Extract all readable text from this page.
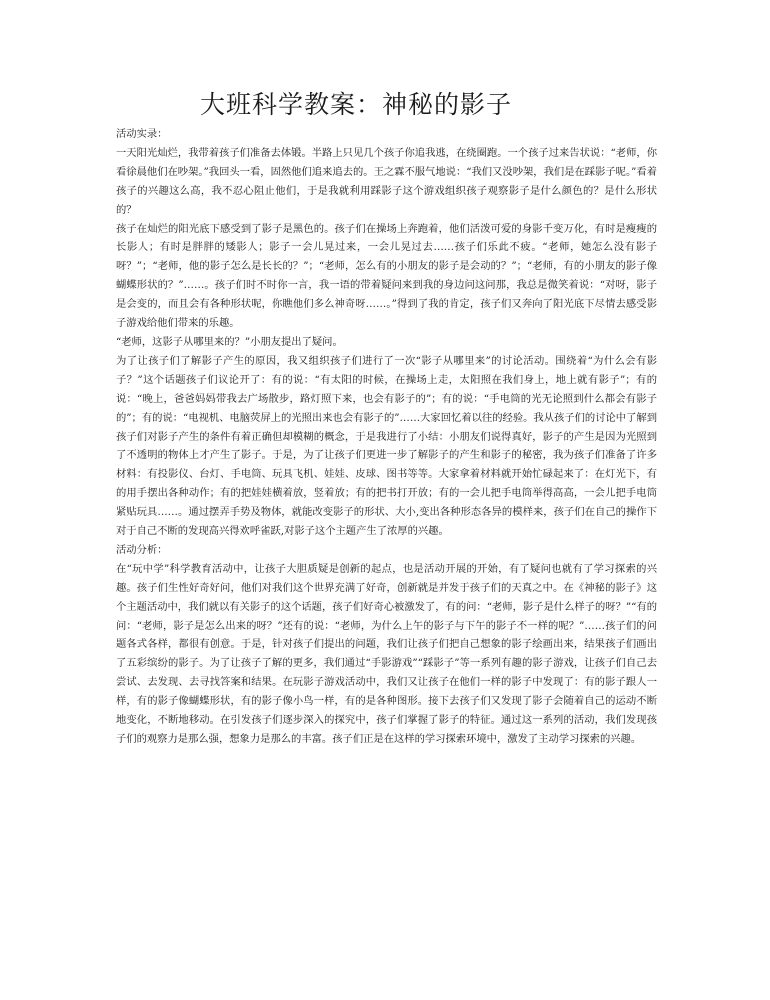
大班科学教案：神秘的影子

活动实录：

一天阳光灿烂，我带着孩子们准备去体锻。半路上只见几个孩子你追我逃，在绕圈跑。一个孩子过来告状说：“老师，你看徐晨他们在吵架。”我回头一看，固然他们追来追去的。王之霖不服气地说：“我们又没吵架，我们是在踩影子呢。”看着孩子的兴趣这么高，我不忍心阻止他们，于是我就利用踩影子这个游戏组织孩子观察影子是什么颜色的？是什么形状的？

孩子在灿烂的阳光底下感受到了影子是黑色的。孩子们在操场上奔跑着，他们活泼可爱的身影千变万化，有时是瘦瘦的长影人；有时是胖胖的矮影人；影子一会儿晃过来，一会儿晃过去……孩子们乐此不疲。“老师，她怎么没有影子呀？”；“老师，他的影子怎么是长长的？”；“老师，怎么有的小朋友的影子是会动的？”；“老师，有的小朋友的影子像蝴蝶形状的？”……。孩子们时不时你一言，我一语的带着疑问来到我的身边问这问那，我总是微笑着说：“对呀，影子是会变的，而且会有各种形状呢，你瞧他们多么神奇呀……。”得到了我的肯定，孩子们又奔向了阳光底下尽情去感受影子游戏给他们带来的乐趣。

“老师，这影子从哪里来的？”小朋友提出了疑问。

为了让孩子们了解影子产生的原因，我又组织孩子们进行了一次“影子从哪里来”的讨论活动。围绕着“为什么会有影子？”这个话题孩子们议论开了：有的说：“有太阳的时候，在操场上走，太阳照在我们身上，地上就有影子”；有的说：“晚上，爸爸妈妈带我去广场散步，路灯照下来，也会有影子的”；有的说：“手电筒的光无论照到什么都会有影子的”；有的说：“电视机、电脑荧屏上的光照出来也会有影子的”……大家回忆着以往的经验。我从孩子们的讨论中了解到孩子们对影子产生的条件有着正确但却模糊的概念，于是我进行了小结：小朋友们说得真好，影子的产生是因为光照到了不透明的物体上才产生了影子。于是，为了让孩子们更进一步了解影子的产生和影子的秘密，我为孩子们准备了许多材料：有投影仪、台灯、手电筒、玩具飞机、娃娃、皮球、图书等等。大家拿着材料就开始忙碌起来了：在灯光下，有的用手摆出各种动作；有的把娃娃横着放，竖着放；有的把书打开放；有的一会儿把手电筒举得高高，一会儿把手电筒紧贴玩具……。通过摆弄手势及物体，就能改变影子的形状、大小,变出各种形态各异的模样来，孩子们在自己的操作下对于自己不断的发现高兴得欢呼雀跃,对影子这个主题产生了浓厚的兴趣。

活动分析：

在“玩中学”科学教育活动中，让孩子大胆质疑是创新的起点，也是活动开展的开始，有了疑问也就有了学习探索的兴趣。孩子们生性好奇好问，他们对我们这个世界充满了好奇，创新就是并发于孩子们的天真之中。在《神秘的影子》这个主题活动中，我们就以有关影子的这个话题，孩子们好奇心被激发了，有的问：“老师，影子是什么样子的呀？”“有的问：“老师，影子是怎么出来的呀？”还有的说：“老师，为什么上午的影子与下午的影子不一样的呢？”……孩子们的问题各式各样，都很有创意。于是，针对孩子们提出的问题，我们让孩子们把自己想象的影子绘画出来，结果孩子们画出了五彩缤纷的影子。为了让孩子了解的更多，我们通过“手影游戏”“踩影子”等一系列有趣的影子游戏，让孩子们自己去尝试、去发现、去寻找答案和结果。在玩影子游戏活动中，我们又让孩子在他们一样的影子中发现了：有的影子跟人一样，有的影子像蝴蝶形状，有的影子像小鸟一样，有的是各种图形。接下去孩子们又发现了影子会随着自己的运动不断地变化，不断地移动。在引发孩子们逐步深入的探究中，孩子们掌握了影子的特征。通过这一系列的活动，我们发现孩子们的观察力是那么强，想象力是那么的丰富。孩子们正是在这样的学习探索环境中，激发了主动学习探索的兴趣。
